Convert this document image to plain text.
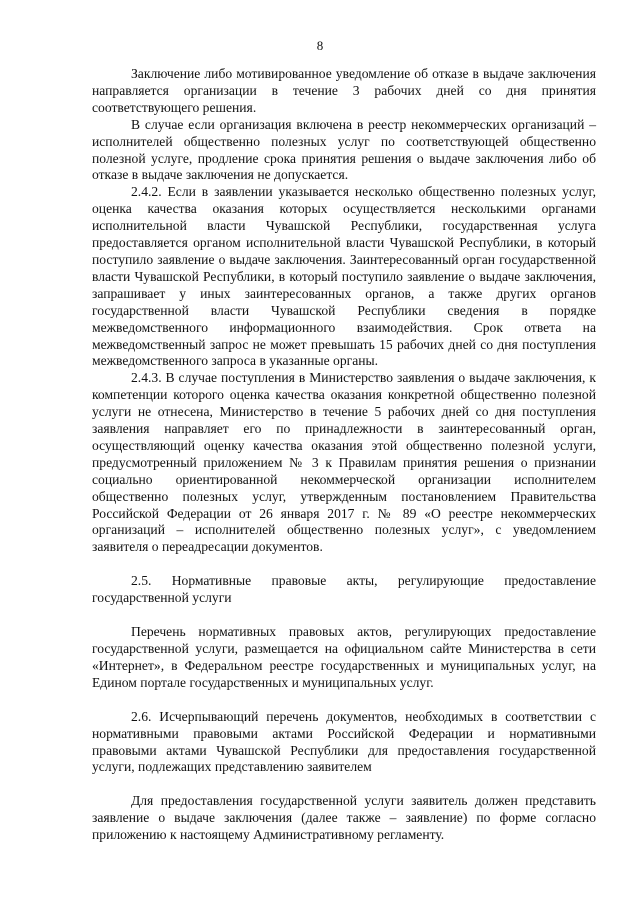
8

Заключение либо мотивированное уведомление об отказе в выдаче заключения направляется организации в течение 3 рабочих дней со дня принятия соответствующего решения.

В случае если организация включена в реестр некоммерческих организаций – исполнителей общественно полезных услуг по соответствующей общественно полезной услуге, продление срока принятия решения о выдаче заключения либо об отказе в выдаче заключения не допускается.

2.4.2. Если в заявлении указывается несколько общественно полезных услуг, оценка качества оказания которых осуществляется несколькими органами исполнительной власти Чувашской Республики, государственная услуга предоставляется органом исполнительной власти Чувашской Республики, в который поступило заявление о выдаче заключения. Заинтересованный орган государственной власти Чувашской Республики, в который поступило заявление о выдаче заключения, запрашивает у иных заинтересованных органов, а также других органов государственной власти Чувашской Республики сведения в порядке межведомственного информационного взаимодействия. Срок ответа на межведомственный запрос не может превышать 15 рабочих дней со дня поступления межведомственного запроса в указанные органы.

2.4.3. В случае поступления в Министерство заявления о выдаче заключения, к компетенции которого оценка качества оказания конкретной общественно полезной услуги не отнесена, Министерство в течение 5 рабочих дней со дня поступления заявления направляет его по принадлежности в заинтересованный орган, осуществляющий оценку качества оказания этой общественно полезной услуги, предусмотренный приложением № 3 к Правилам принятия решения о признании социально ориентированной некоммерческой организации исполнителем общественно полезных услуг, утвержденным постановлением Правительства Российской Федерации от 26 января 2017 г. № 89 «О реестре некоммерческих организаций – исполнителей общественно полезных услуг», с уведомлением заявителя о переадресации документов.

2.5. Нормативные правовые акты, регулирующие предоставление государственной услуги

Перечень нормативных правовых актов, регулирующих предоставление государственной услуги, размещается на официальном сайте Министерства в сети «Интернет», в Федеральном реестре государственных и муниципальных услуг, на Едином портале государственных и муниципальных услуг.

2.6. Исчерпывающий перечень документов, необходимых в соответствии с нормативными правовыми актами Российской Федерации и нормативными правовыми актами Чувашской Республики для предоставления государственной услуги, подлежащих представлению заявителем

Для предоставления государственной услуги заявитель должен представить заявление о выдаче заключения (далее также – заявление) по форме согласно приложению к настоящему Административному регламенту.
